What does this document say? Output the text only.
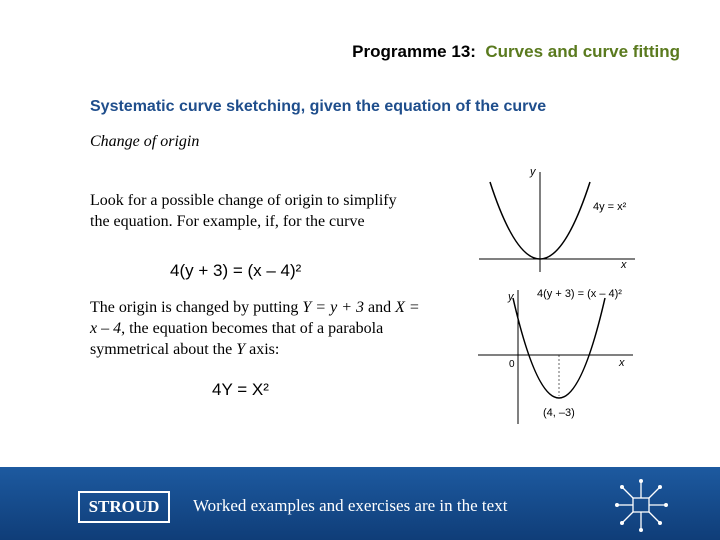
Programme 13: Curves and curve fitting
Systematic curve sketching, given the equation of the curve
Change of origin
Look for a possible change of origin to simplify the equation. For example, if, for the curve
4(y + 3) = (x – 4)²
The origin is changed by putting Y = y + 3 and X = x – 4, the equation becomes that of a parabola symmetrical about the Y axis:
4Y = X²
y
x
4y = x²
y
x
0
4(y + 3) = (x – 4)²
(4, –3)
STROUD	Worked examples and exercises are in the text
